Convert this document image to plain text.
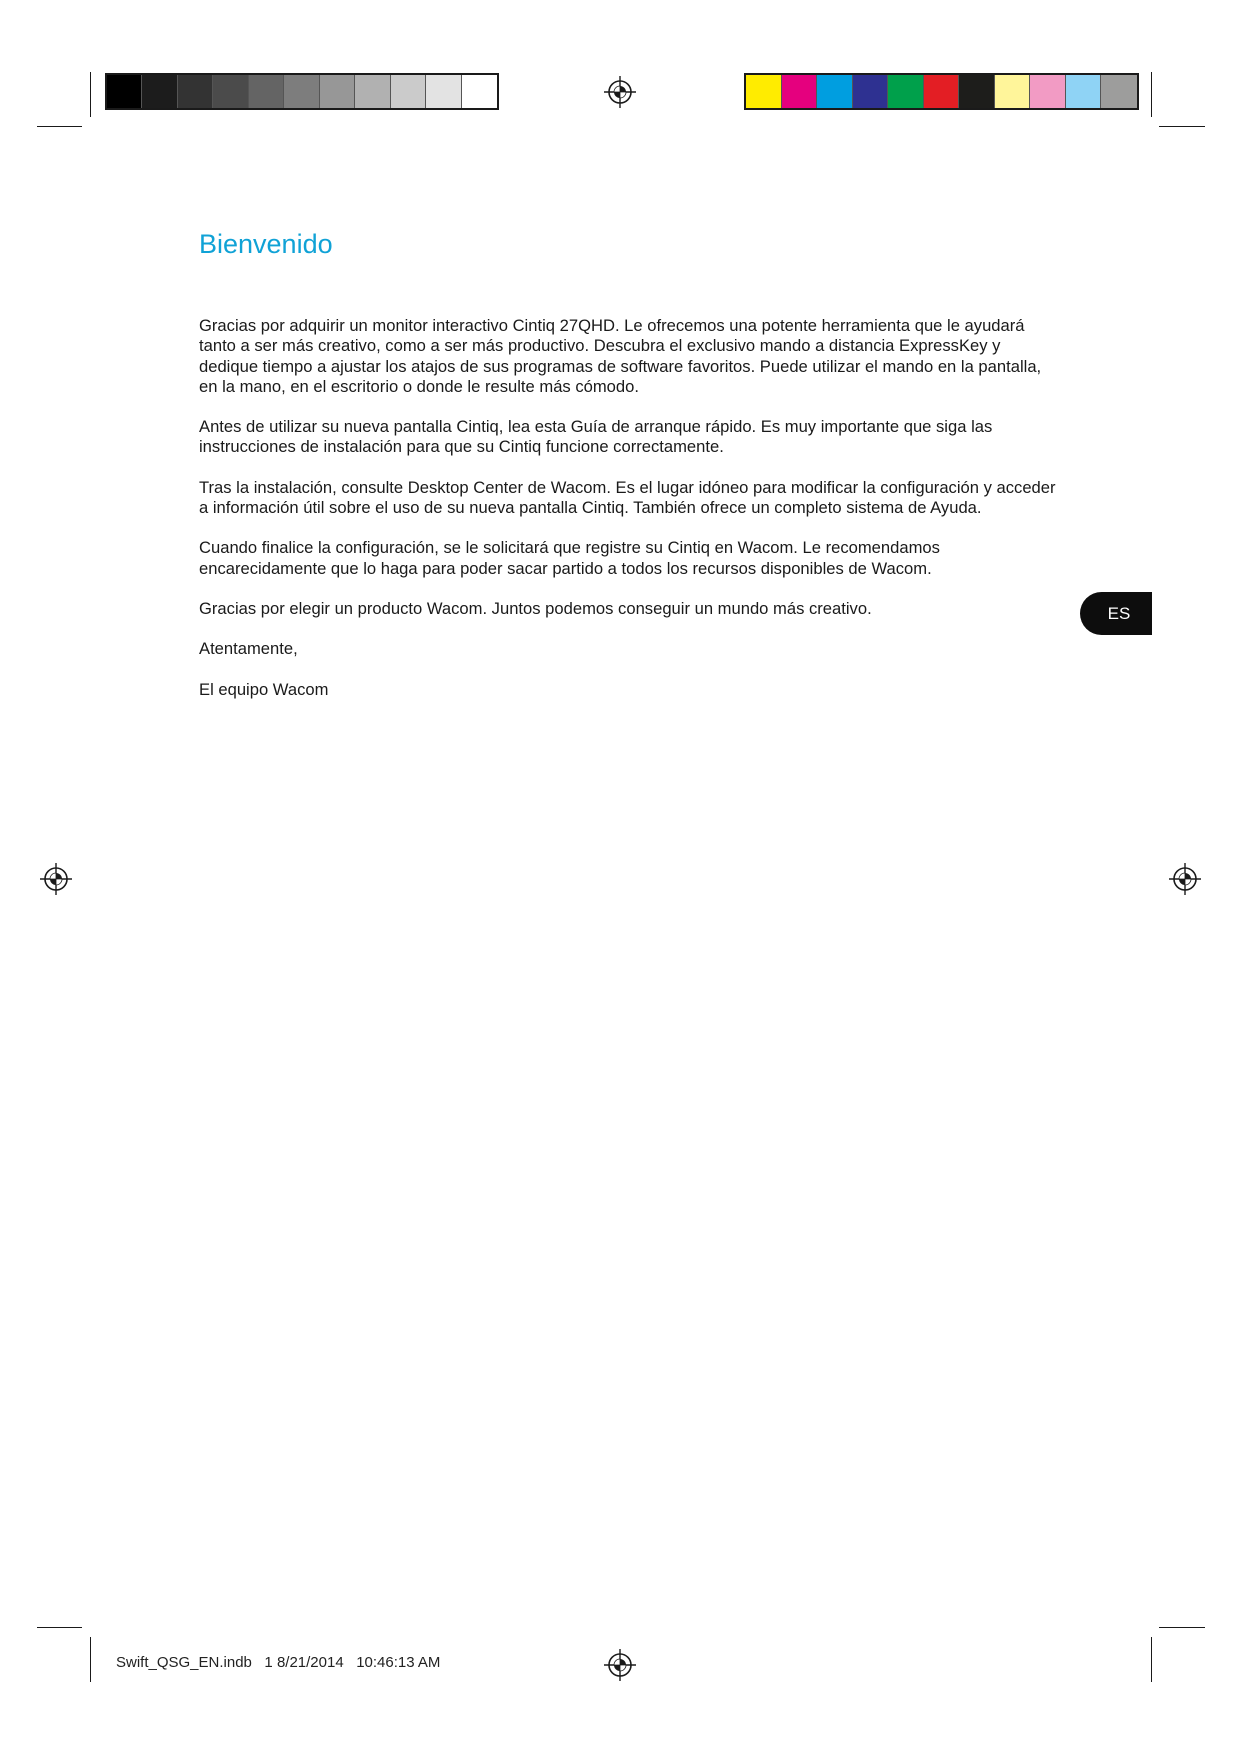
Bienvenido

Gracias por adquirir un monitor interactivo Cintiq 27QHD. Le ofrecemos una potente herramienta que le ayudará tanto a ser más creativo, como a ser más productivo. Descubra el exclusivo mando a distancia ExpressKey y dedique tiempo a ajustar los atajos de sus programas de software favoritos. Puede utilizar el mando en la pantalla, en la mano, en el escritorio o donde le resulte más cómodo.

Antes de utilizar su nueva pantalla Cintiq, lea esta Guía de arranque rápido. Es muy importante que siga las instrucciones de instalación para que su Cintiq funcione correctamente.

Tras la instalación, consulte Desktop Center de Wacom. Es el lugar idóneo para modificar la configuración y acceder a información útil sobre el uso de su nueva pantalla Cintiq. También ofrece un completo sistema de Ayuda.

Cuando finalice la configuración, se le solicitará que registre su Cintiq en Wacom. Le recomendamos encarecidamente que lo haga para poder sacar partido a todos los recursos disponibles de Wacom.

Gracias por elegir un producto Wacom. Juntos podemos conseguir un mundo más creativo.

Atentamente,

El equipo Wacom

ES
Swift_QSG_EN.indb 1 8/21/2014 10:46:13 AM
